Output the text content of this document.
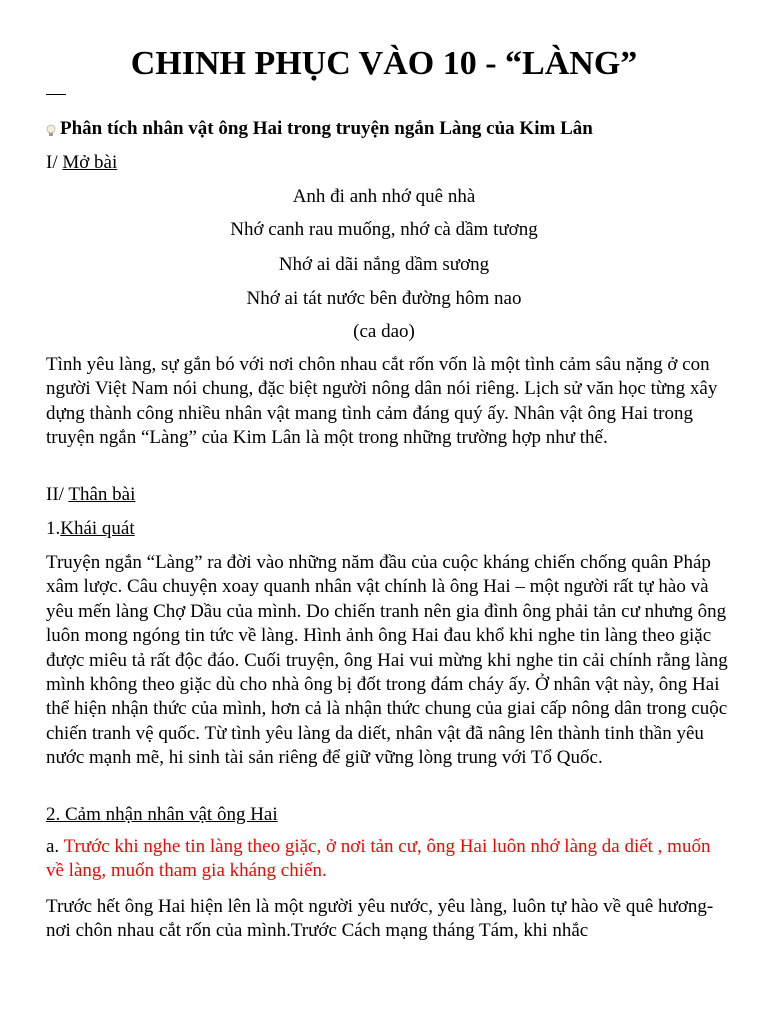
CHINH PHỤC VÀO 10 - “LÀNG”
Phân tích nhân vật ông Hai trong truyện ngắn Làng của Kim Lân
I/ Mở bài
Anh đi anh nhớ quê nhà
Nhớ canh rau muống, nhớ cà dầm tương
Nhớ ai dãi nắng dầm sương
Nhớ ai tát nước bên đường hôm nao
(ca dao)

Tình yêu làng, sự gắn bó với nơi chôn nhau cắt rốn vốn là một tình cảm sâu nặng ở con người Việt Nam nói chung, đặc biệt người nông dân nói riêng. Lịch sử văn học từng xây dựng thành công nhiều nhân vật mang tình cảm đáng quý ấy. Nhân vật ông Hai trong truyện ngắn “Làng” của Kim Lân là một trong những trường hợp như thế.

II/ Thân bài
1.Khái quát

Truyện ngắn “Làng” ra đời vào những năm đầu của cuộc kháng chiến chống quân Pháp xâm lược. Câu chuyện xoay quanh nhân vật chính là ông Hai – một người rất tự hào và yêu mến làng Chợ Dầu của mình. Do chiến tranh nên gia đình ông phải tản cư nhưng ông luôn mong ngóng tin tức về làng. Hình ảnh ông Hai đau khổ khi nghe tin làng theo giặc được miêu tả rất độc đáo. Cuối truyện, ông Hai vui mừng khi nghe tin cải chính rằng làng mình không theo giặc dù cho nhà ông bị đốt trong đám cháy ấy. Ở nhân vật này, ông Hai thể hiện nhận thức của mình, hơn cả là nhận thức chung của giai cấp nông dân trong cuộc chiến tranh vệ quốc. Từ tình yêu làng da diết, nhân vật đã nâng lên thành tinh thần yêu nước mạnh mẽ, hi sinh tài sản riêng để giữ vững lòng trung với Tổ Quốc.

2. Cảm nhận nhân vật ông Hai

a. Trước khi nghe tin làng theo giặc, ở nơi tản cư, ông Hai luôn nhớ làng da diết , muốn về làng, muốn tham gia kháng chiến.

Trước hết ông Hai hiện lên là một người yêu nước, yêu làng, luôn tự hào về quê hương- nơi chôn nhau cắt rốn của mình.Trước Cách mạng tháng Tám, khi nhắc
